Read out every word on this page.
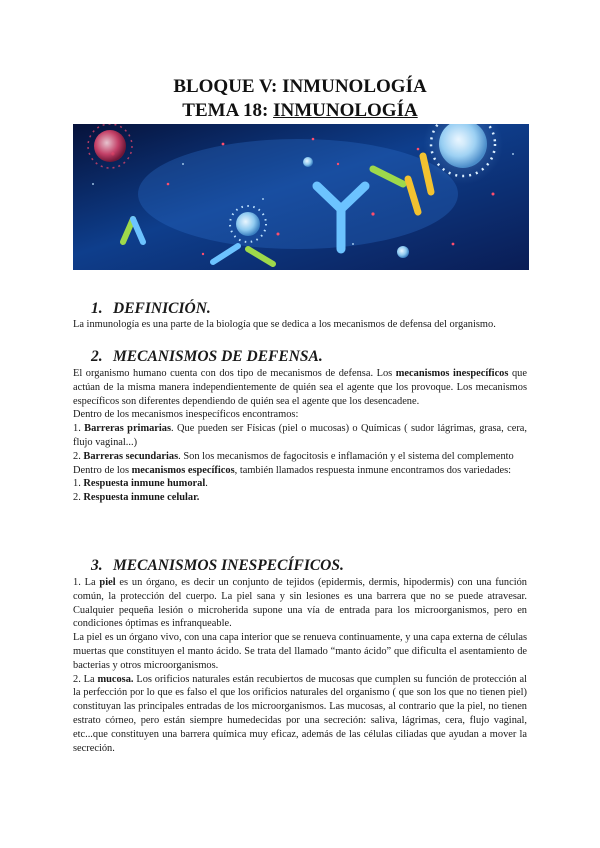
BLOQUE V: INMUNOLOGÍA
TEMA 18: INMUNOLOGÍA
1. DEFINICIÓN.

La inmunología es una parte de la biología que se dedica a los mecanismos de defensa del organismo.

2. MECANISMOS DE DEFENSA.

El organismo humano cuenta con dos tipo de mecanismos de defensa. Los mecanismos inespecíficos que actúan de la misma manera independientemente de quién sea el agente que los provoque. Los mecanismos específicos son diferentes dependiendo de quién sea el agente que los desencadene.

Dentro de los mecanismos inespecíficos encontramos:

1. Barreras primarias. Que pueden ser Físicas (piel o mucosas) o Químicas ( sudor lágrimas, grasa, cera, flujo vaginal...)

2. Barreras secundarias. Son los mecanismos de fagocitosis e inflamación y el sistema del complemento

Dentro de los mecanismos específicos, también llamados respuesta inmune encontramos dos variedades:

1. Respuesta inmune humoral.

2. Respuesta inmune celular.

3. MECANISMOS INESPECÍFICOS.

1. La piel es un órgano, es decir un conjunto de tejidos (epidermis, dermis, hipodermis) con una función común, la protección del cuerpo. La piel sana y sin lesiones es una barrera que no se puede atravesar. Cualquier pequeña lesión o microherida supone una vía de entrada para los microorganismos, pero en condiciones óptimas es infranqueable.

La piel es un órgano vivo, con una capa interior que se renueva continuamente, y una capa externa de células muertas que constituyen el manto ácido. Se trata del llamado “manto ácido” que dificulta el asentamiento de bacterias y otros microorganismos.

2. La mucosa. Los orificios naturales están recubiertos de mucosas que cumplen su función de protección al la perfección por lo que es falso el que los orificios naturales del organismo ( que son los que no tienen piel) constituyan las principales entradas de los microorganismos. Las mucosas, al contrario que la piel, no tienen estrato córneo, pero están siempre humedecidas por una secreción: saliva, lágrimas, cera, flujo vaginal, etc...que constituyen una barrera química muy eficaz, además de las células ciliadas que ayudan a mover la secreción.
